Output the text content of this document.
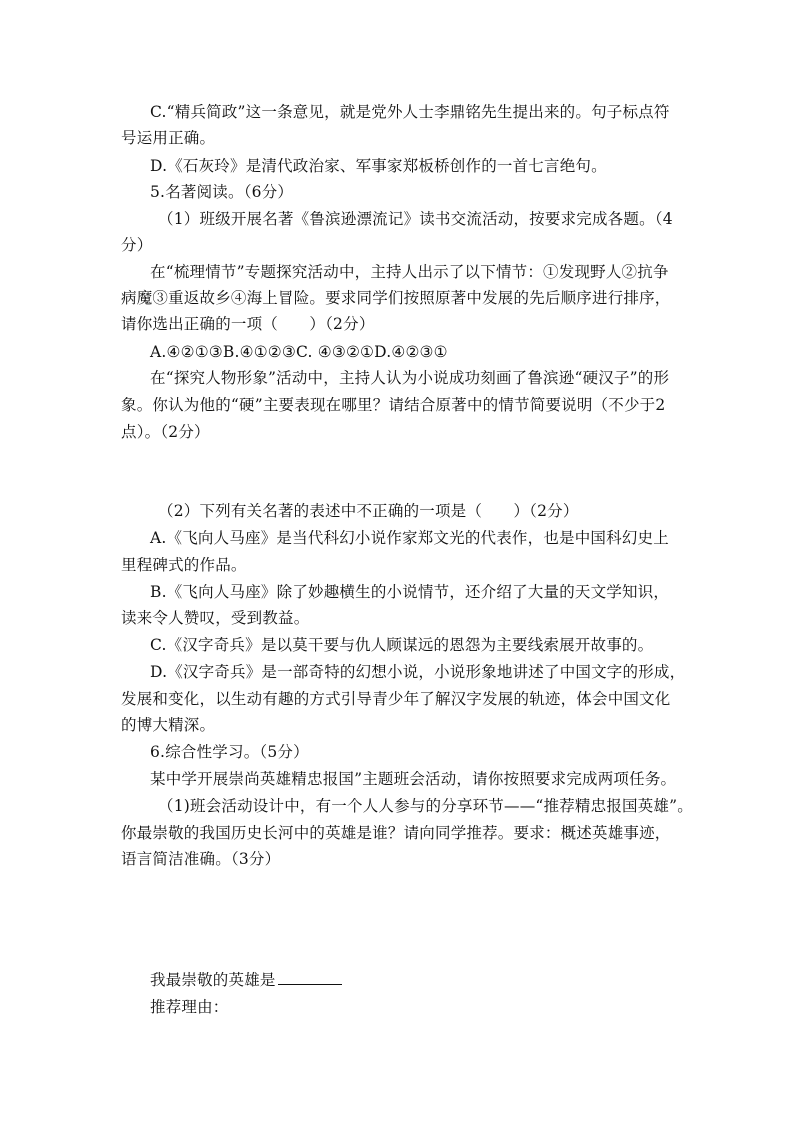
C.“精兵简政”这一条意见，就是党外人士李鼎铭先生提出来的。句子标点符
号运用正确。
D.《石灰玲》是清代政治家、军事家郑板桥创作的一首七言绝句。
5.名著阅读。（6分）
（1）班级开展名著《鲁滨逊漂流记》读书交流活动，按要求完成各题。（4
分）
在“梳理情节”专题探究活动中，主持人出示了以下情节：①发现野人②抗争
病魔③重返故乡④海上冒险。要求同学们按照原著中发展的先后顺序进行排序，
请你选出正确的一项（　　）（2分）
A.④②①③B.④①②③C. ④③②①D.④②③①
在“探究人物形象”活动中，主持人认为小说成功刻画了鲁滨逊“硬汉子”的形
象。你认为他的“硬”主要表现在哪里？请结合原著中的情节简要说明（不少于2
点）。（2分）
（2）下列有关名著的表述中不正确的一项是（　　）（2分）
A.《飞向人马座》是当代科幻小说作家郑文光的代表作，也是中国科幻史上
里程碑式的作品。
B.《飞向人马座》除了妙趣横生的小说情节，还介绍了大量的天文学知识，
读来令人赞叹，受到教益。
C.《汉字奇兵》是以莫干要与仇人顾谋远的恩怨为主要线索展开故事的。
D.《汉字奇兵》是一部奇特的幻想小说，小说形象地讲述了中国文字的形成，
发展和变化，以生动有趣的方式引导青少年了解汉字发展的轨迹，体会中国文化
的博大精深。
6.综合性学习。（5分）
某中学开展崇尚英雄精忠报国”主题班会活动，请你按照要求完成两项任务。
（1)班会活动设计中，有一个人人参与的分享环节——“推荐精忠报国英雄”。
你最崇敬的我国历史长河中的英雄是谁？请向同学推荐。要求：概述英雄事迹，
语言简洁准确。（3分）
我最崇敬的英雄是
推荐理由：
